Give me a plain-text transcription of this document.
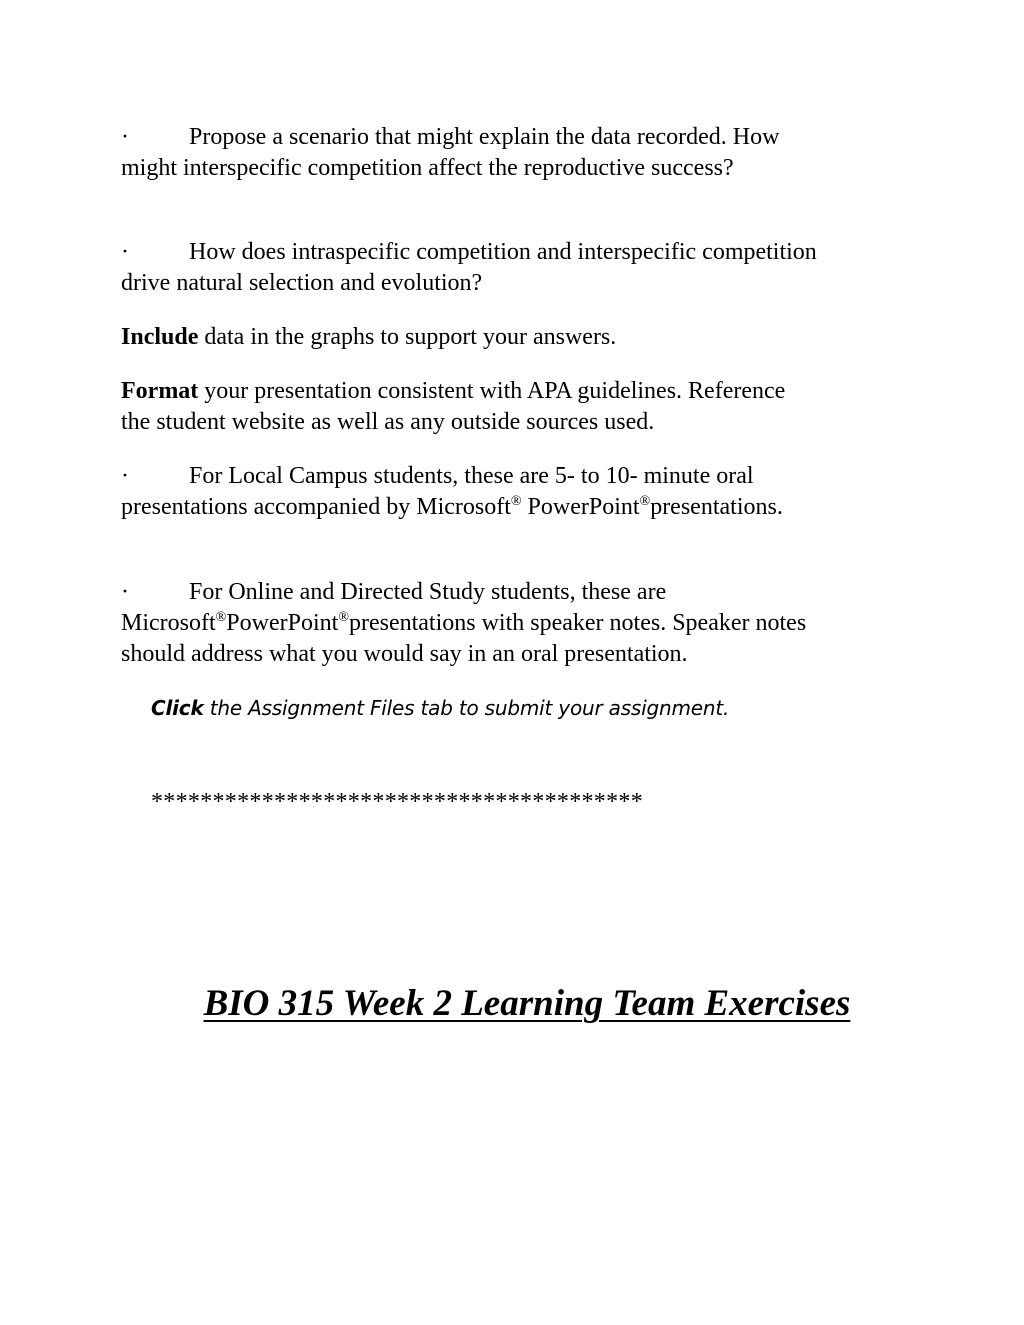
·	Propose a scenario that might explain the data recorded. How
might interspecific competition affect the reproductive success?

·	How does intraspecific competition and interspecific competition
drive natural selection and evolution?

Include data in the graphs to support your answers.

Format your presentation consistent with APA guidelines. Reference
the student website as well as any outside sources used.

·	For Local Campus students, these are 5- to 10- minute oral
presentations accompanied by Microsoft® PowerPoint®presentations.

·	For Online and Directed Study students, these are
Microsoft®PowerPoint®presentations with speaker notes. Speaker notes
should address what you would say in an oral presentation.

Click the Assignment Files tab to submit your assignment.

****************************************

BIO 315 Week 2 Learning Team Exercises
